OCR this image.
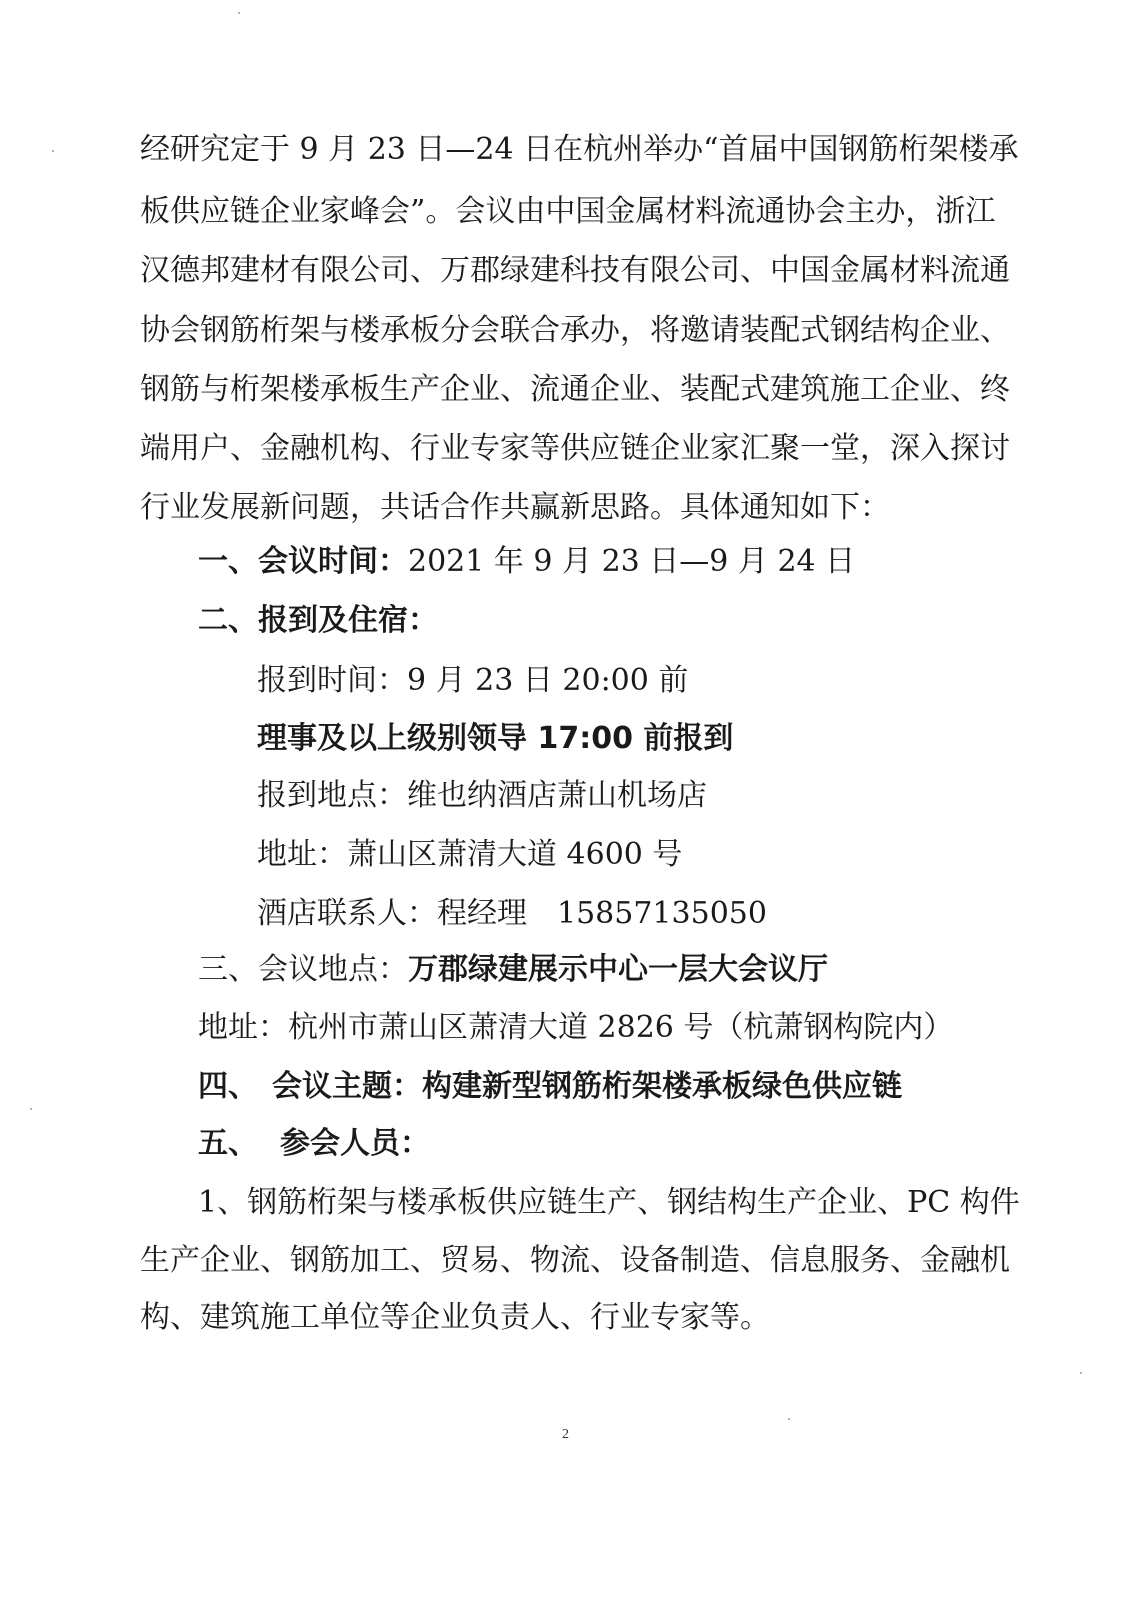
经研究定于 9 月 23 日—24 日在杭州举办“首届中国钢筋桁架楼承
板供应链企业家峰会”。会议由中国金属材料流通协会主办，浙江
汉德邦建材有限公司、万郡绿建科技有限公司、中国金属材料流通
协会钢筋桁架与楼承板分会联合承办，将邀请装配式钢结构企业、
钢筋与桁架楼承板生产企业、流通企业、装配式建筑施工企业、终
端用户、金融机构、行业专家等供应链企业家汇聚一堂，深入探讨
行业发展新问题，共话合作共赢新思路。具体通知如下：
一、会议时间：2021 年 9 月 23 日—9 月 24 日
二、报到及住宿：
报到时间：9 月 23 日 20:00 前
理事及以上级别领导 17:00 前报到
报到地点：维也纳酒店萧山机场店
地址：萧山区萧清大道 4600 号
酒店联系人：程经理 15857135050
三、会议地点：万郡绿建展示中心一层大会议厅
地址：杭州市萧山区萧清大道 2826 号（杭萧钢构院内）
四、 会议主题：构建新型钢筋桁架楼承板绿色供应链
五、 参会人员：
1、钢筋桁架与楼承板供应链生产、钢结构生产企业、PC 构件
生产企业、钢筋加工、贸易、物流、设备制造、信息服务、金融机
构、建筑施工单位等企业负责人、行业专家等。
2
